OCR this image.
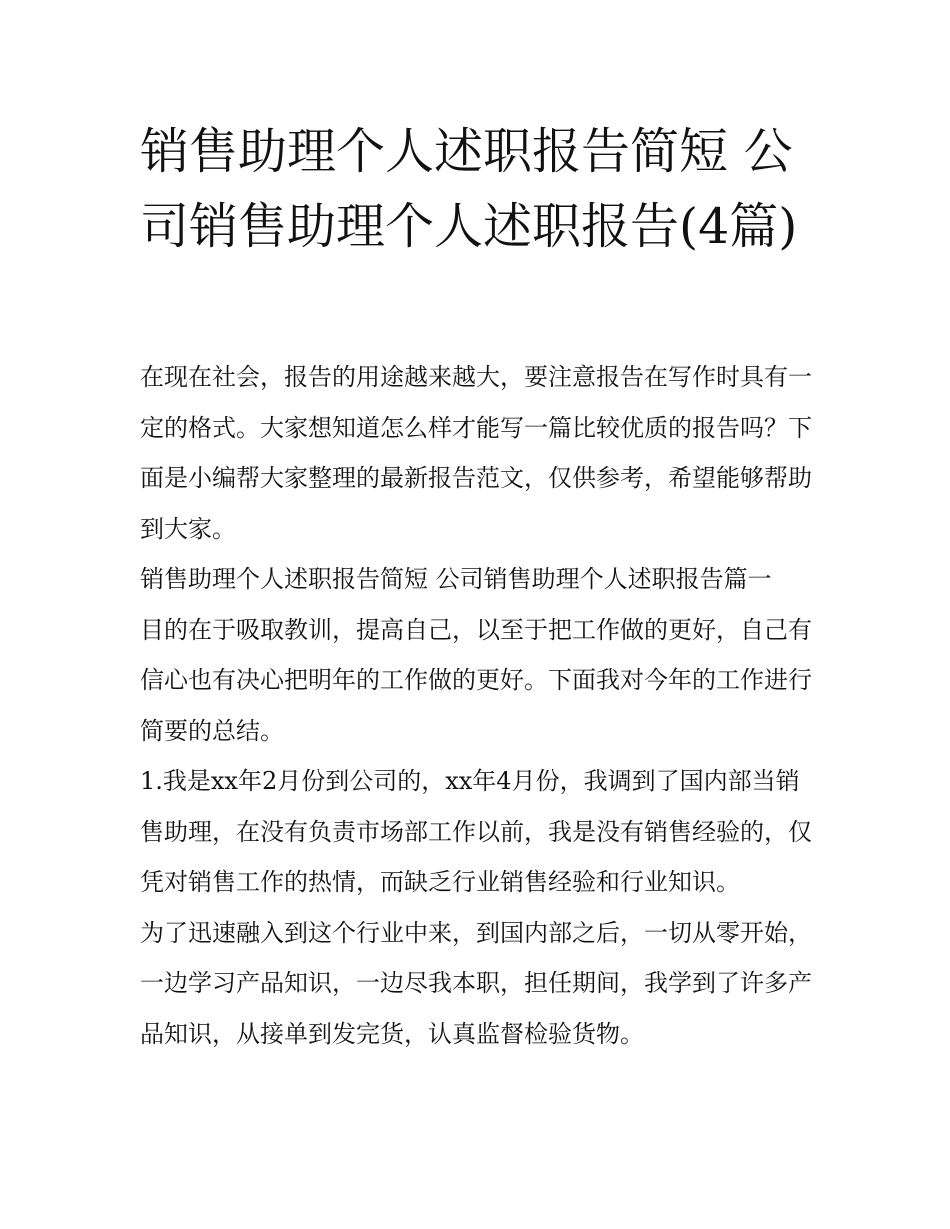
销售助理个人述职报告简短 公司销售助理个人述职报告(4篇)

在现在社会，报告的用途越来越大，要注意报告在写作时具有一定的格式。大家想知道怎么样才能写一篇比较优质的报告吗？下面是小编帮大家整理的最新报告范文，仅供参考，希望能够帮助到大家。

销售助理个人述职报告简短 公司销售助理个人述职报告篇一

目的在于吸取教训，提高自己，以至于把工作做的更好，自己有信心也有决心把明年的工作做的更好。下面我对今年的工作进行简要的总结。

1.我是xx年2月份到公司的，xx年4月份，我调到了国内部当销售助理，在没有负责市场部工作以前，我是没有销售经验的，仅凭对销售工作的热情，而缺乏行业销售经验和行业知识。

为了迅速融入到这个行业中来，到国内部之后，一切从零开始，一边学习产品知识，一边尽我本职，担任期间，我学到了许多产品知识，从接单到发完货，认真监督检验货物。
